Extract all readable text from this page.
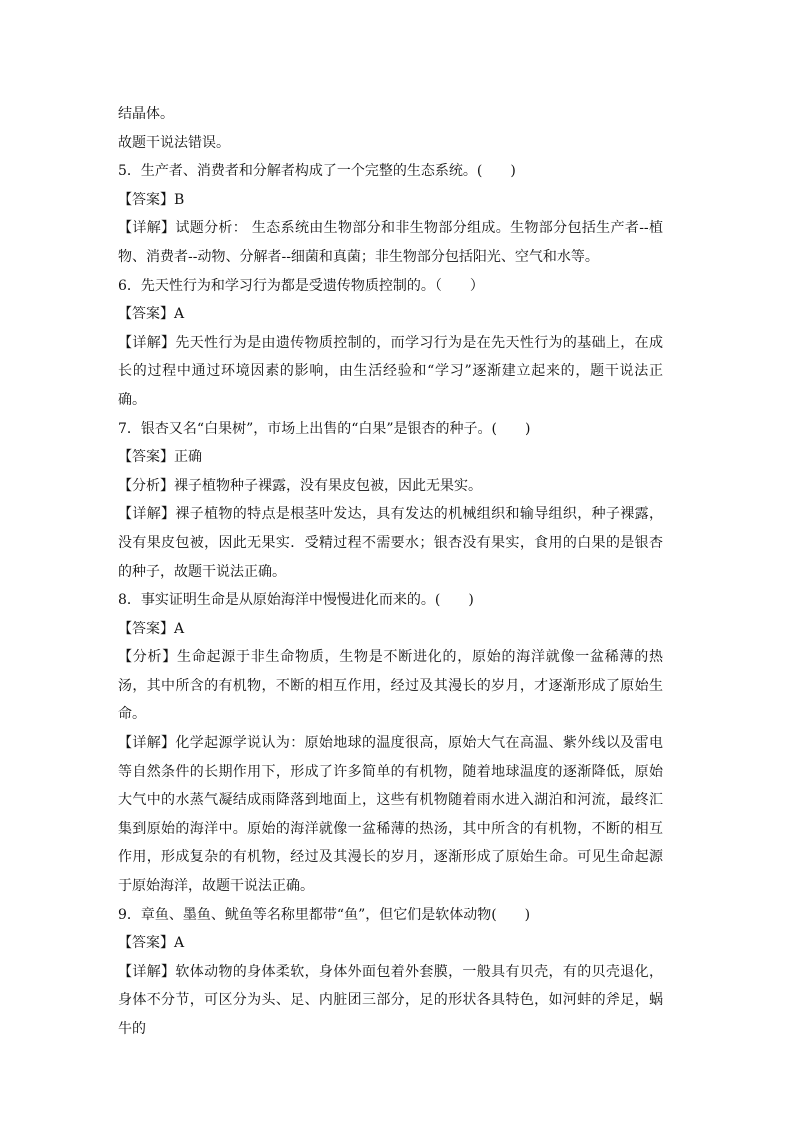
结晶体。
故题干说法错误。
5．生产者、消费者和分解者构成了一个完整的生态系统。(　　)
【答案】B
【详解】试题分析： 生态系统由生物部分和非生物部分组成。生物部分包括生产者--植物、消费者--动物、分解者--细菌和真菌；非生物部分包括阳光、空气和水等。
6．先天性行为和学习行为都是受遗传物质控制的。（　　）
【答案】A
【详解】先天性行为是由遗传物质控制的，而学习行为是在先天性行为的基础上，在成长的过程中通过环境因素的影响，由生活经验和“学习”逐渐建立起来的，题干说法正确。
7．银杏又名“白果树”，市场上出售的“白果”是银杏的种子。(　　)
【答案】正确
【分析】裸子植物种子裸露，没有果皮包被，因此无果实。
【详解】裸子植物的特点是根茎叶发达，具有发达的机械组织和输导组织，种子裸露，没有果皮包被，因此无果实．受精过程不需要水；银杏没有果实，食用的白果的是银杏的种子，故题干说法正确。
8．事实证明生命是从原始海洋中慢慢进化而来的。(　　)
【答案】A
【分析】生命起源于非生命物质，生物是不断进化的，原始的海洋就像一盆稀薄的热汤，其中所含的有机物，不断的相互作用，经过及其漫长的岁月，才逐渐形成了原始生命。
【详解】化学起源学说认为：原始地球的温度很高，原始大气在高温、紫外线以及雷电等自然条件的长期作用下，形成了许多简单的有机物，随着地球温度的逐渐降低，原始大气中的水蒸气凝结成雨降落到地面上，这些有机物随着雨水进入湖泊和河流，最终汇集到原始的海洋中。原始的海洋就像一盆稀薄的热汤，其中所含的有机物，不断的相互作用，形成复杂的有机物，经过及其漫长的岁月，逐渐形成了原始生命。可见生命起源于原始海洋，故题干说法正确。
9．章鱼、墨鱼、鱿鱼等名称里都带“鱼”，但它们是软体动物(　　)
【答案】A
【详解】软体动物的身体柔软，身体外面包着外套膜，一般具有贝壳，有的贝壳退化，身体不分节，可区分为头、足、内脏团三部分，足的形状各具特色，如河蚌的斧足，蜗牛的
